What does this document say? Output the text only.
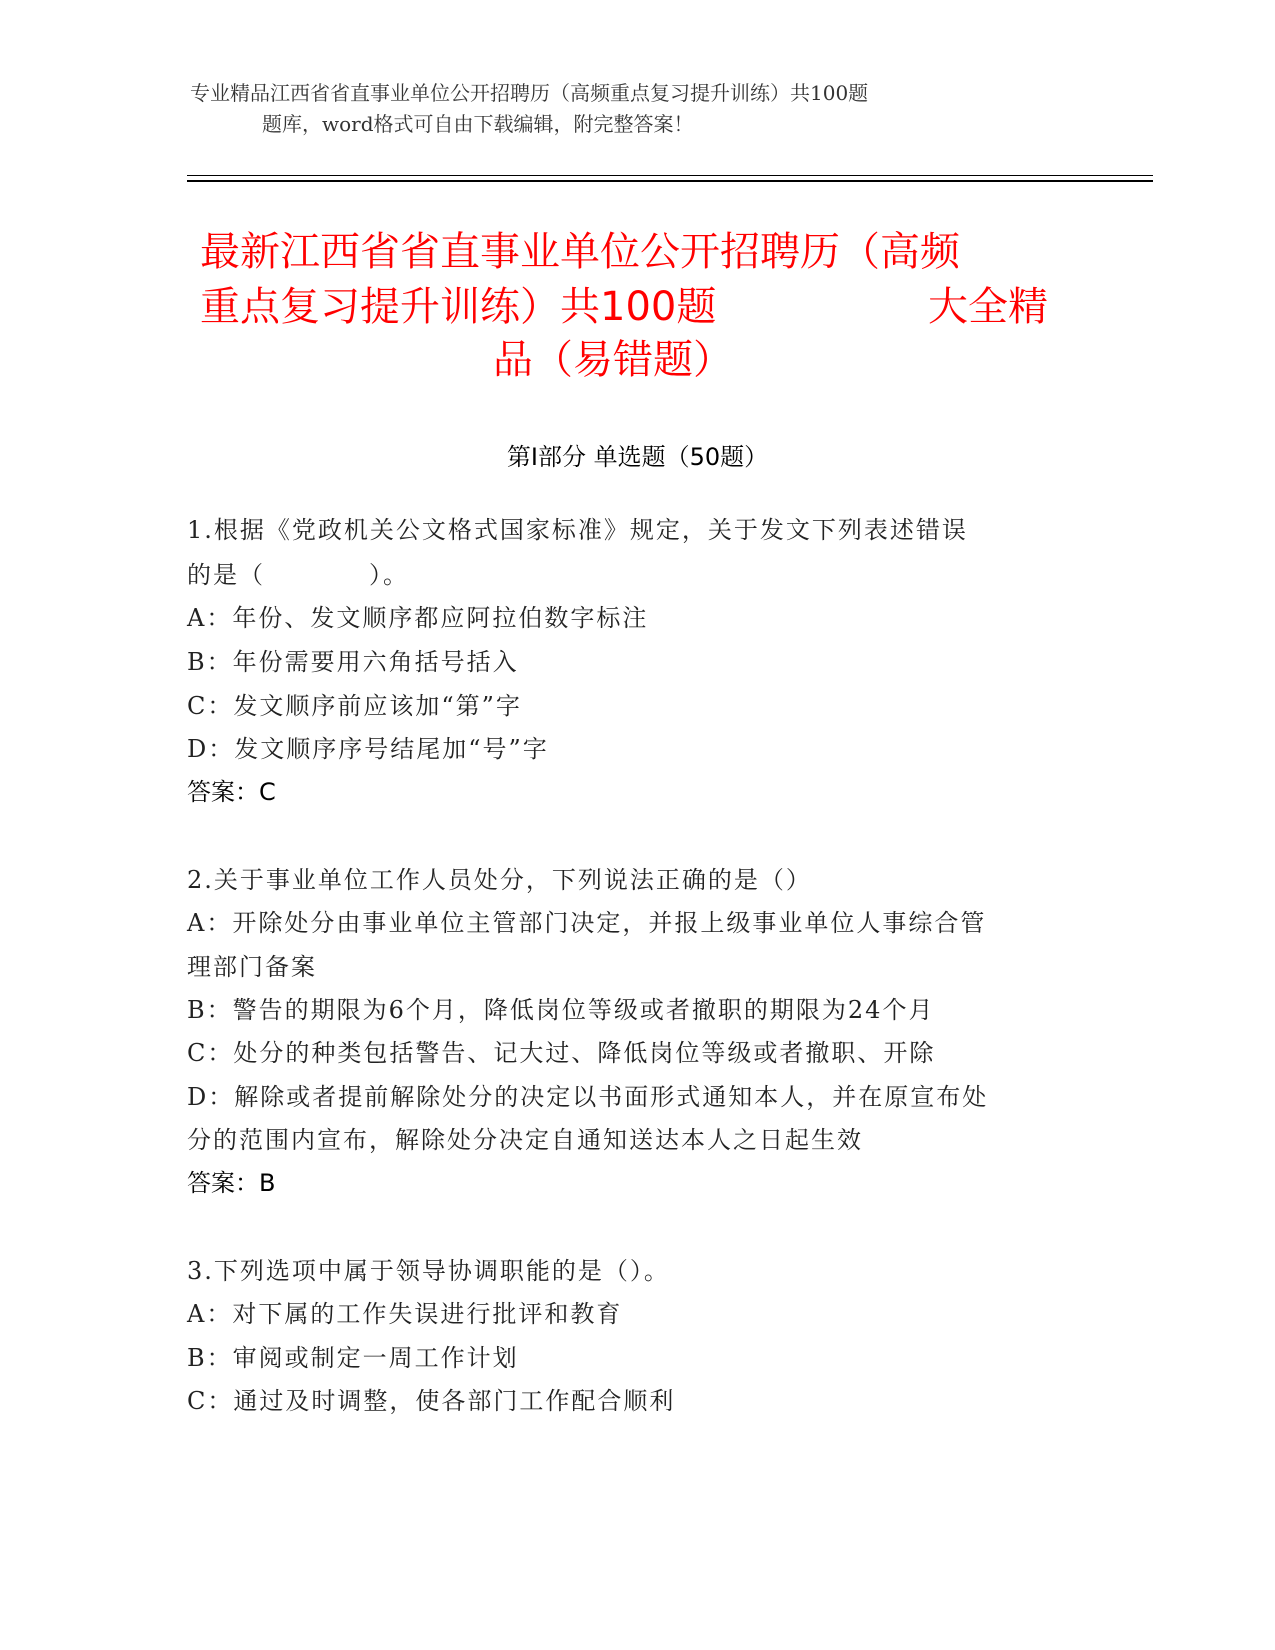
专业精品江西省省直事业单位公开招聘历（高频重点复习提升训练）共100题
题库，word格式可自由下载编辑，附完整答案！
最新江西省省直事业单位公开招聘历（高频
重点复习提升训练）共100题	大全精
品（易错题）
第Ⅰ部分 单选题（50题）
1.根据《党政机关公文格式国家标准》规定，关于发文下列表述错误
的是（　　　　）。
A：年份、发文顺序都应阿拉伯数字标注
B：年份需要用六角括号括入
C：发文顺序前应该加“第”字
D：发文顺序序号结尾加“号”字
答案：C
2.关于事业单位工作人员处分，下列说法正确的是（）
A：开除处分由事业单位主管部门决定，并报上级事业单位人事综合管
理部门备案
B：警告的期限为6个月，降低岗位等级或者撤职的期限为24个月
C：处分的种类包括警告、记大过、降低岗位等级或者撤职、开除
D：解除或者提前解除处分的决定以书面形式通知本人，并在原宣布处
分的范围内宣布，解除处分决定自通知送达本人之日起生效
答案：B
3.下列选项中属于领导协调职能的是（）。
A：对下属的工作失误进行批评和教育
B：审阅或制定一周工作计划
C：通过及时调整，使各部门工作配合顺利
